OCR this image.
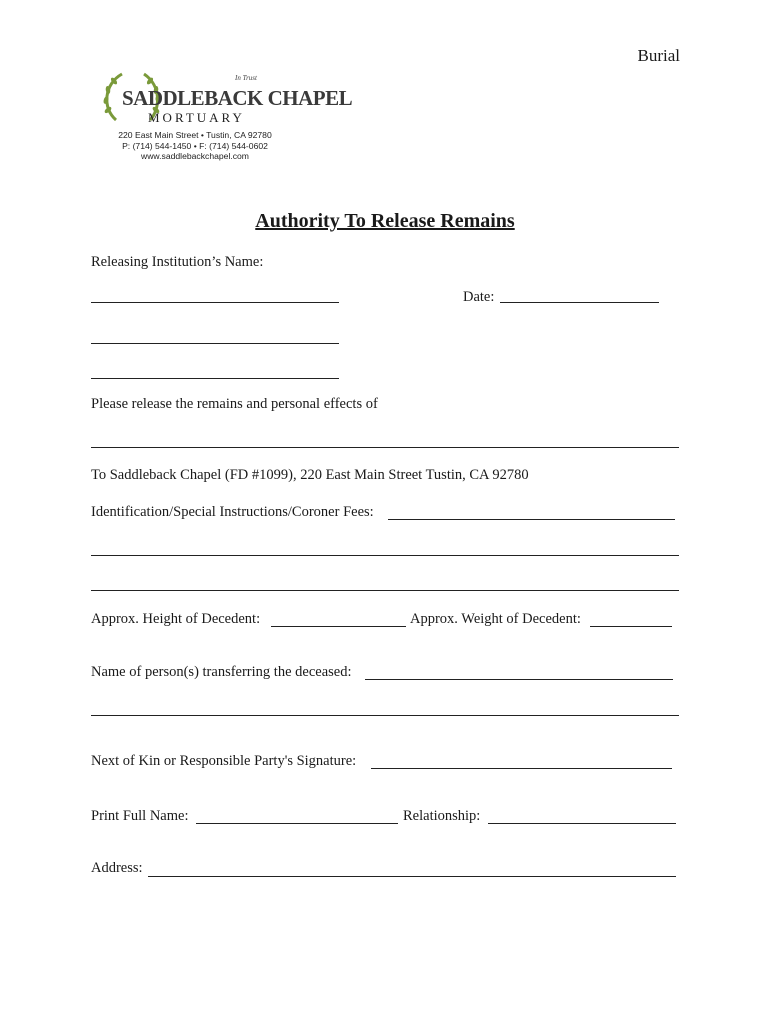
Burial
In Trust
SADDLEBACK CHAPEL
MORTUARY
220 East Main Street • Tustin, CA 92780
P: (714) 544-1450 • F: (714) 544-0602
www.saddlebackchapel.com
Authority To Release Remains
Releasing Institution’s Name:
Date:
Please release the remains and personal effects of
To Saddleback Chapel (FD #1099), 220 East Main Street Tustin, CA 92780
Identification/Special Instructions/Coroner Fees:
Approx. Height of Decedent:	Approx. Weight of Decedent:
Name of person(s) transferring the deceased:
Next of Kin or Responsible Party's Signature:
Print Full Name:	Relationship:
Address:
